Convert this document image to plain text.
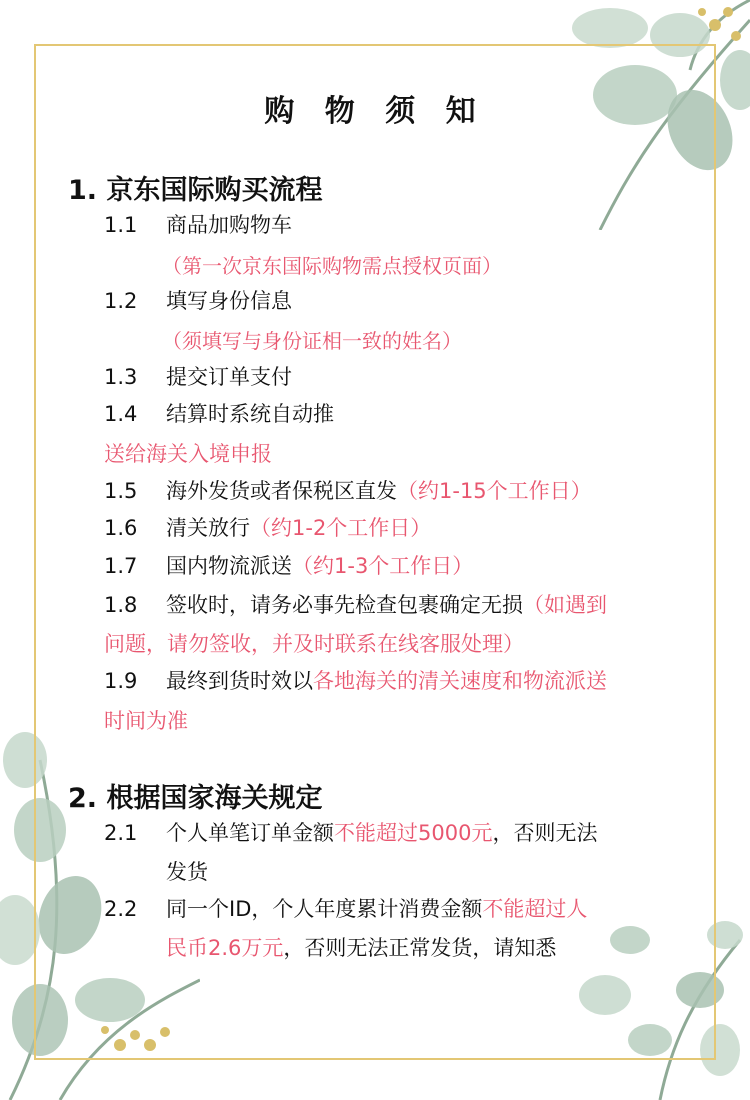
购 物 须 知
1. 京东国际购买流程
1.1 商品加购物车
（第一次京东国际购物需点授权页面）
1.2 填写身份信息
（须填写与身份证相一致的姓名）
1.3 提交订单支付
1.4 结算时系统自动推
送给海关入境申报
1.5 海外发货或者保税区直发（约1-15个工作日）
1.6 清关放行（约1-2个工作日）
1.7 国内物流派送（约1-3个工作日）
1.8 签收时，请务必事先检查包裹确定无损（如遇到
问题，请勿签收，并及时联系在线客服处理）
1.9 最终到货时效以各地海关的清关速度和物流派送
时间为准
2. 根据国家海关规定
2.1 个人单笔订单金额不能超过5000元，否则无法
发货
2.2 同一个ID，个人年度累计消费金额不能超过人
民币2.6万元，否则无法正常发货，请知悉
